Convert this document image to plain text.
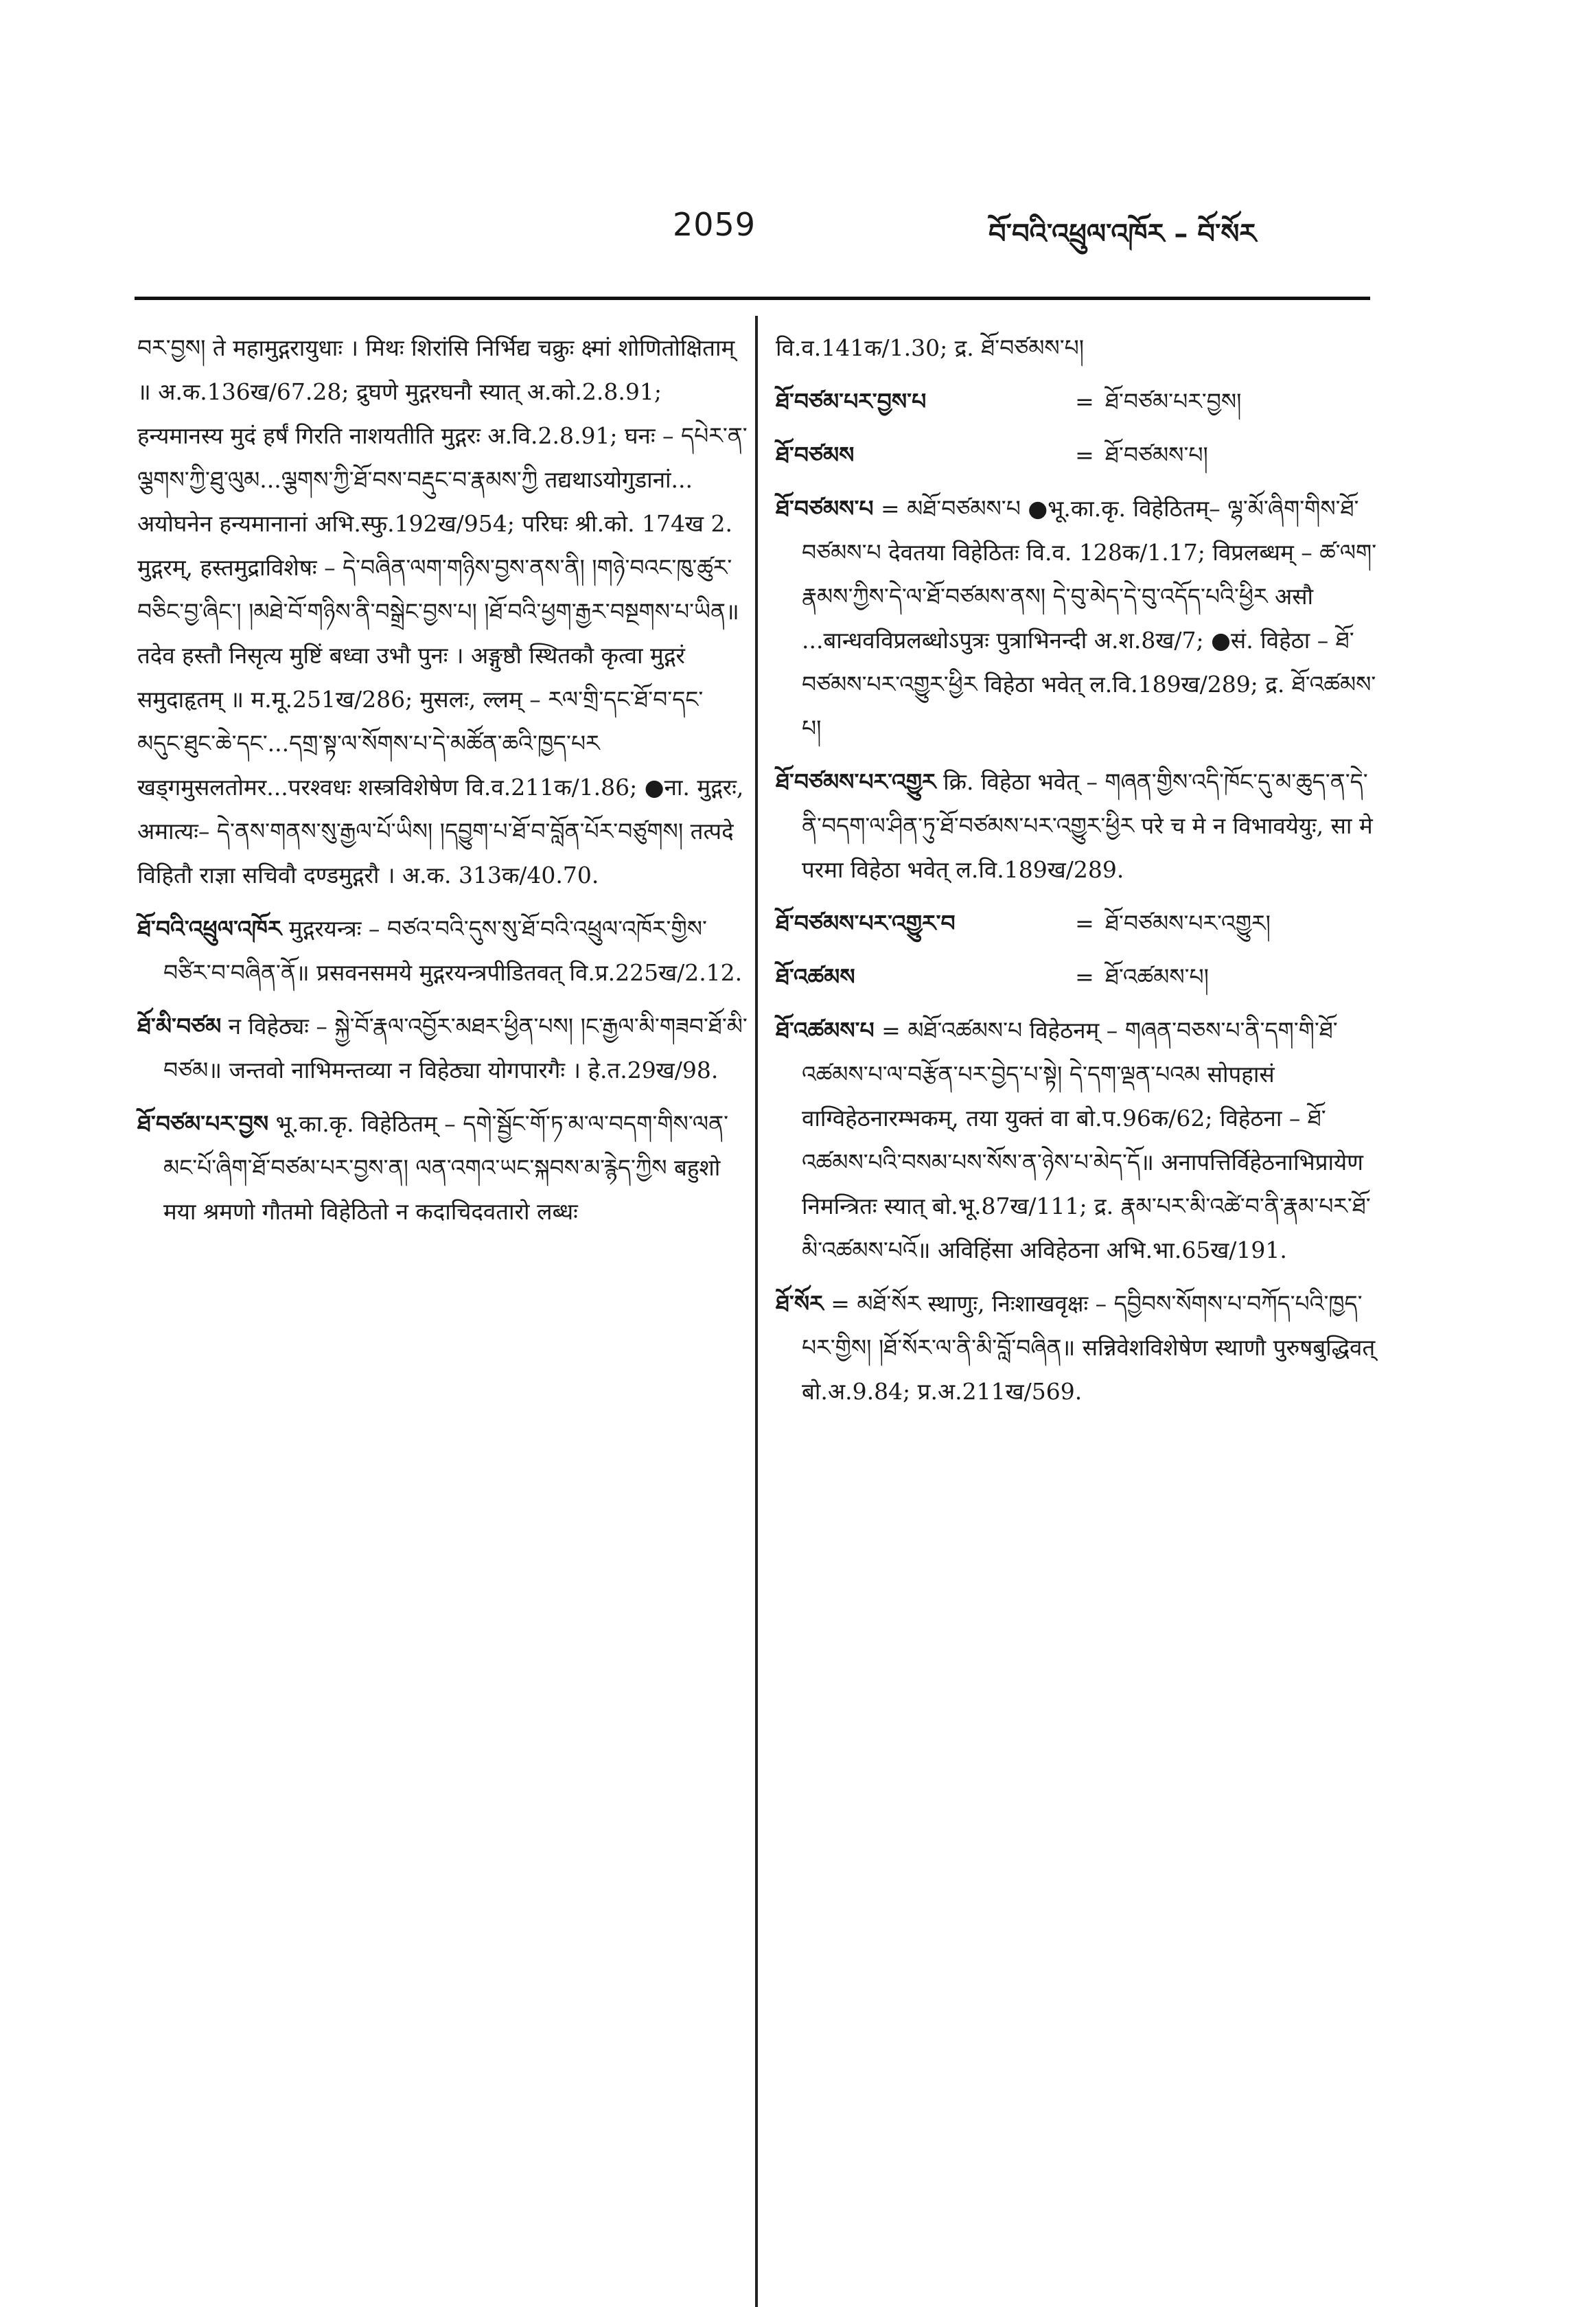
2059	བོ་བའི་འཕྲུལ་འཁོར – བོ་སོར

བར་བྱས། ते महामुद्गरायुधाः । मिथः शिरांसि निर्भिद्य चक्रुः क्ष्मां शोणितोक्षिताम् ॥ अ.क.136ख/67.28; द्रुघणे मुद्गरघनौ स्यात् अ.को.2.8.91; हन्यमानस्य मुदं हर्षं गिरति नाशयतीति मुद्गरः अ.वि.2.8.91; घनः – དཔེར་ན་ལྕགས་ཀྱི་ཐུ་ལུམ...ལྕགས་ཀྱི་ཐོ་བས་བརྡུང་བ་རྣམས་ཀྱི तद्यथाऽयोगुडानां... अयोघनेन हन्यमानानां अभि.स्फु.192ख/954; परिघः श्री.को. 174ख 2. मुद्गरम्, हस्तमुद्राविशेषः – དེ་བཞིན་ལག་གཉིས་བྱས་ནས་ནི། །གཉེ་བའང་ཁུ་ཚུར་བཅིང་བྱ་ཞིང་། །མཐེ་བོ་གཉིས་ནི་བསྒྲེང་བྱས་པ། །ཐོ་བའི་ཕྱག་རྒྱར་བསྔགས་པ་ཡིན॥ तदेव हस्तौ निसृत्य मुष्टिं बध्वा उभौ पुनः । अङ्गुष्ठौ स्थितकौ कृत्वा मुद्गरं समुदाहृतम् ॥ म.मू.251ख/286; मुसलः, ल्लम् – རལ་གྲི་དང་ཐོ་བ་དང་མདུང་ཐུང་ཆེ་དང་...དགྲ་སྟ་ལ་སོགས་པ་དེ་མཚོན་ཆའི་ཁྱད་པར खड्गमुसलतोमर...परश्वधः शस्त्रविशेषेण वि.व.211क/1.86; ●ना. मुद्गरः, अमात्यः– དེ་ནས་གནས་སུ་རྒྱལ་པོ་ཡིས། །དབྱུག་པ་ཐོ་བ་བློན་པོར་བཙུགས། तत्पदे विहितौ राज्ञा सचिवौ दण्डमुद्गरौ । अ.क. 313क/40.70.

ཐོ་བའི་འཕྲུལ་འཁོར मुद्गरयन्त्रः – བཙའ་བའི་དུས་སུ་ཐོ་བའི་འཕྲུལ་འཁོར་གྱིས་བཙིར་བ་བཞིན་ནོ॥ प्रसवनसमये मुद्गरयन्त्रपीडितवत् वि.प्र.225ख/2.12.

ཐོ་མི་བཙམ न विहेठ्यः – སྐྱེ་བོ་རྣལ་འབྱོར་མཐར་ཕྱིན་པས། །ང་རྒྱལ་མི་གཟབ་ཐོ་མི་བཙམ॥ जन्तवो नाभिमन्तव्या न विहेठ्या योगपारगैः । हे.त.29ख/98.

ཐོ་བཙམ་པར་བྱས भू.का.कृ. विहेठितम् – དགེ་སྦྱོང་གོ་ཏ་མ་ལ་བདག་གིས་ལན་མང་པོ་ཞིག་ཐོ་བཙམ་པར་བྱས་ན། ལན་འགའ་ཡང་སྐབས་མ་རྙེད་ཀྱིས बहुशो मया श्रमणो गौतमो विहेठितो न कदाचिदवतारो लब्धः

वि.व.141क/1.30; द्र. ཐོ་བཙམས་པ།

ཐོ་བཙམ་པར་བྱས་པ	= ཐོ་བཙམ་པར་བྱས།
ཐོ་བཙམས	= ཐོ་བཙམས་པ།

ཐོ་བཙམས་པ = མཐོ་བཙམས་པ ●भू.का.कृ. विहेठितम्– ལྷ་མོ་ཞིག་གིས་ཐོ་བཙམས་པ देवतया विहेठितः वि.व. 128क/1.17; विप्रलब्धम् – ཚ་ལག་རྣམས་ཀྱིས་དེ་ལ་ཐོ་བཙམས་ནས། དེ་བུ་མེད་དེ་བུ་འདོད་པའི་ཕྱིར असौ ...बान्धवविप्रलब्धोऽपुत्रः पुत्राभिनन्दी अ.श.8ख/7; ●सं. विहेठा – ཐོ་བཙམས་པར་འགྱུར་ཕྱིར विहेठा भवेत् ल.वि.189ख/289; द्र. ཐོ་འཚམས་པ།

ཐོ་བཙམས་པར་འགྱུར क्रि. विहेठा भवेत् – གཞན་གྱིས་འདི་ཁོང་དུ་མ་ཆུད་ན་དེ་ནི་བདག་ལ་ཤིན་ཏུ་ཐོ་བཙམས་པར་འགྱུར་ཕྱིར परे च मे न विभावयेयुः, सा मे परमा विहेठा भवेत् ल.वि.189ख/289.

ཐོ་བཙམས་པར་འགྱུར་བ	= ཐོ་བཙམས་པར་འགྱུར།
ཐོ་འཚམས	= ཐོ་འཚམས་པ།

ཐོ་འཚམས་པ = མཐོ་འཚམས་པ विहेठनम् – གཞན་བཅས་པ་ནི་དག་གི་ཐོ་འཚམས་པ་ལ་བརྩོན་པར་བྱེད་པ་སྟེ། དེ་དག་ལྡན་པའམ सोपहासं वाग्विहेठनारम्भकम्, तया युक्तं वा बो.प.96क/62; विहेठना – ཐོ་འཚམས་པའི་བསམ་པས་སོས་ན་ཉེས་པ་མེད་དོ॥ अनापत्तिर्विहेठनाभिप्रायेण निमन्त्रितः स्यात् बो.भू.87ख/111; द्र. རྣམ་པར་མི་འཚེ་བ་ནི་རྣམ་པར་ཐོ་མི་འཚམས་པའོ॥ अविहिंसा अविहेठना अभि.भा.65ख/191.

ཐོ་སོར = མཐོ་སོར स्थाणुः, निःशाखवृक्षः – དབྱིབས་སོགས་པ་བཀོད་པའི་ཁྱད་པར་གྱིས། །ཐོ་སོར་ལ་ནི་མི་བློ་བཞིན॥ सन्निवेशविशेषेण स्थाणौ पुरुषबुद्धिवत् बो.अ.9.84; प्र.अ.211ख/569.
